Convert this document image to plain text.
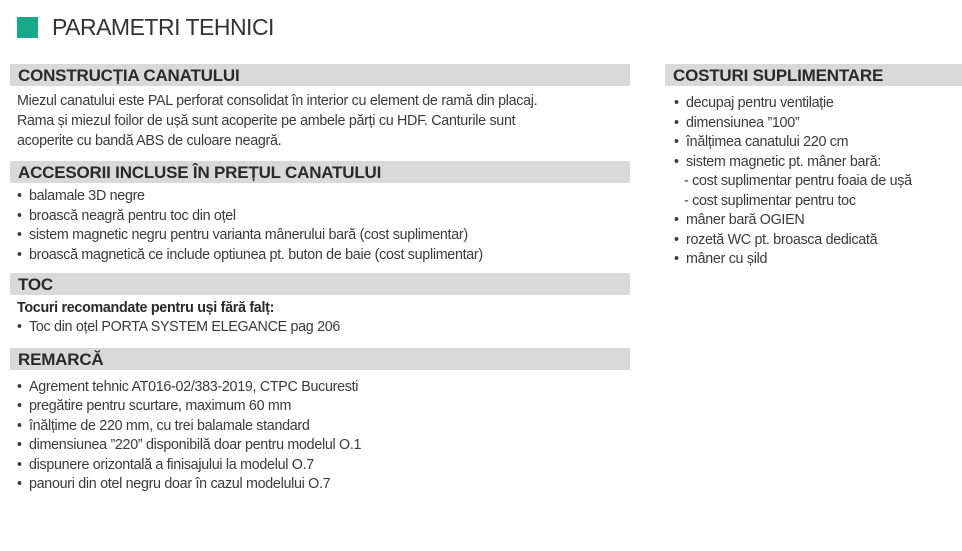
PARAMETRI TEHNICI
CONSTRUCȚIA CANATULUI
Miezul canatului este PAL perforat consolidat în interior cu element de ramă din placaj.
Rama și miezul foilor de ușă sunt acoperite pe ambele părți cu HDF. Canturile sunt
acoperite cu bandă ABS de culoare neagră.
ACCESORII INCLUSE ÎN PREȚUL CANATULUI
• balamale 3D negre
• broască neagră pentru toc din oțel
• sistem magnetic negru pentru varianta mânerului bară (cost suplimentar)
• broască magnetică ce include optiunea pt. buton de baie (cost suplimentar)
TOC
Tocuri recomandate pentru uși fără falț:
• Toc din oțel PORTA SYSTEM ELEGANCE pag 206
REMARCĂ
• Agrement tehnic AT016-02/383-2019, CTPC Bucuresti
• pregătire pentru scurtare, maximum 60 mm
• înălțime de 220 mm, cu trei balamale standard
• dimensiunea ”220” disponibilă doar pentru modelul O.1
• dispunere orizontală a finisajului la modelul O.7
• panouri din otel negru doar în cazul modelului O.7
COSTURI SUPLIMENTARE
• decupaj pentru ventilație
• dimensiunea ”100”
• înălțimea canatului 220 cm
• sistem magnetic pt. mâner bară:
- cost suplimentar pentru foaia de ușă
- cost suplimentar pentru toc
• mâner bară OGIEN
• rozetă WC pt. broasca dedicată
• mâner cu șild
